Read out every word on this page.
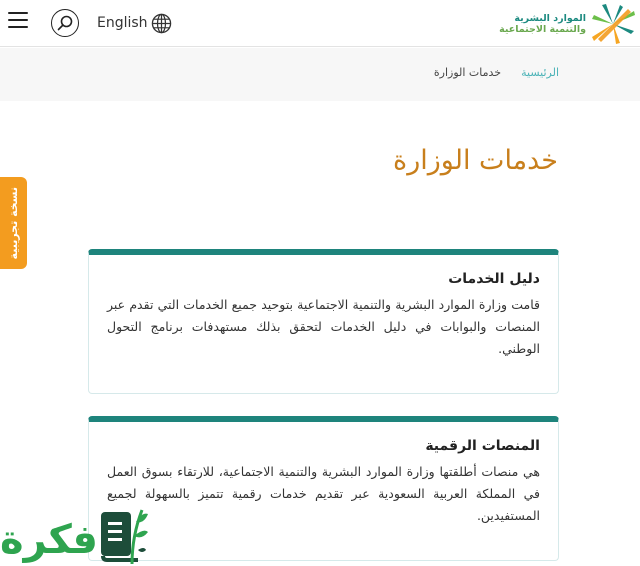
English	الموارد البشرية
والتنمية الاجتماعية
الرئيسية
خدمات الوزارة
نسخة تجريبية
خدمات الوزارة
دليل الخدمات

قامت وزارة الموارد البشرية والتنمية الاجتماعية بتوحيد جميع الخدمات التي تقدم عبر المنصات والبوابات في دليل الخدمات لتحقق بذلك مستهدفات برنامج التحول الوطني.

المنصات الرقمية

هي منصات أطلقتها وزارة الموارد البشرية والتنمية الاجتماعية، للارتقاء بسوق العمل في المملكة العربية السعودية عبر تقديم خدمات رقمية تتميز بالسهولة لجميع المستفيدين.

فكرة
